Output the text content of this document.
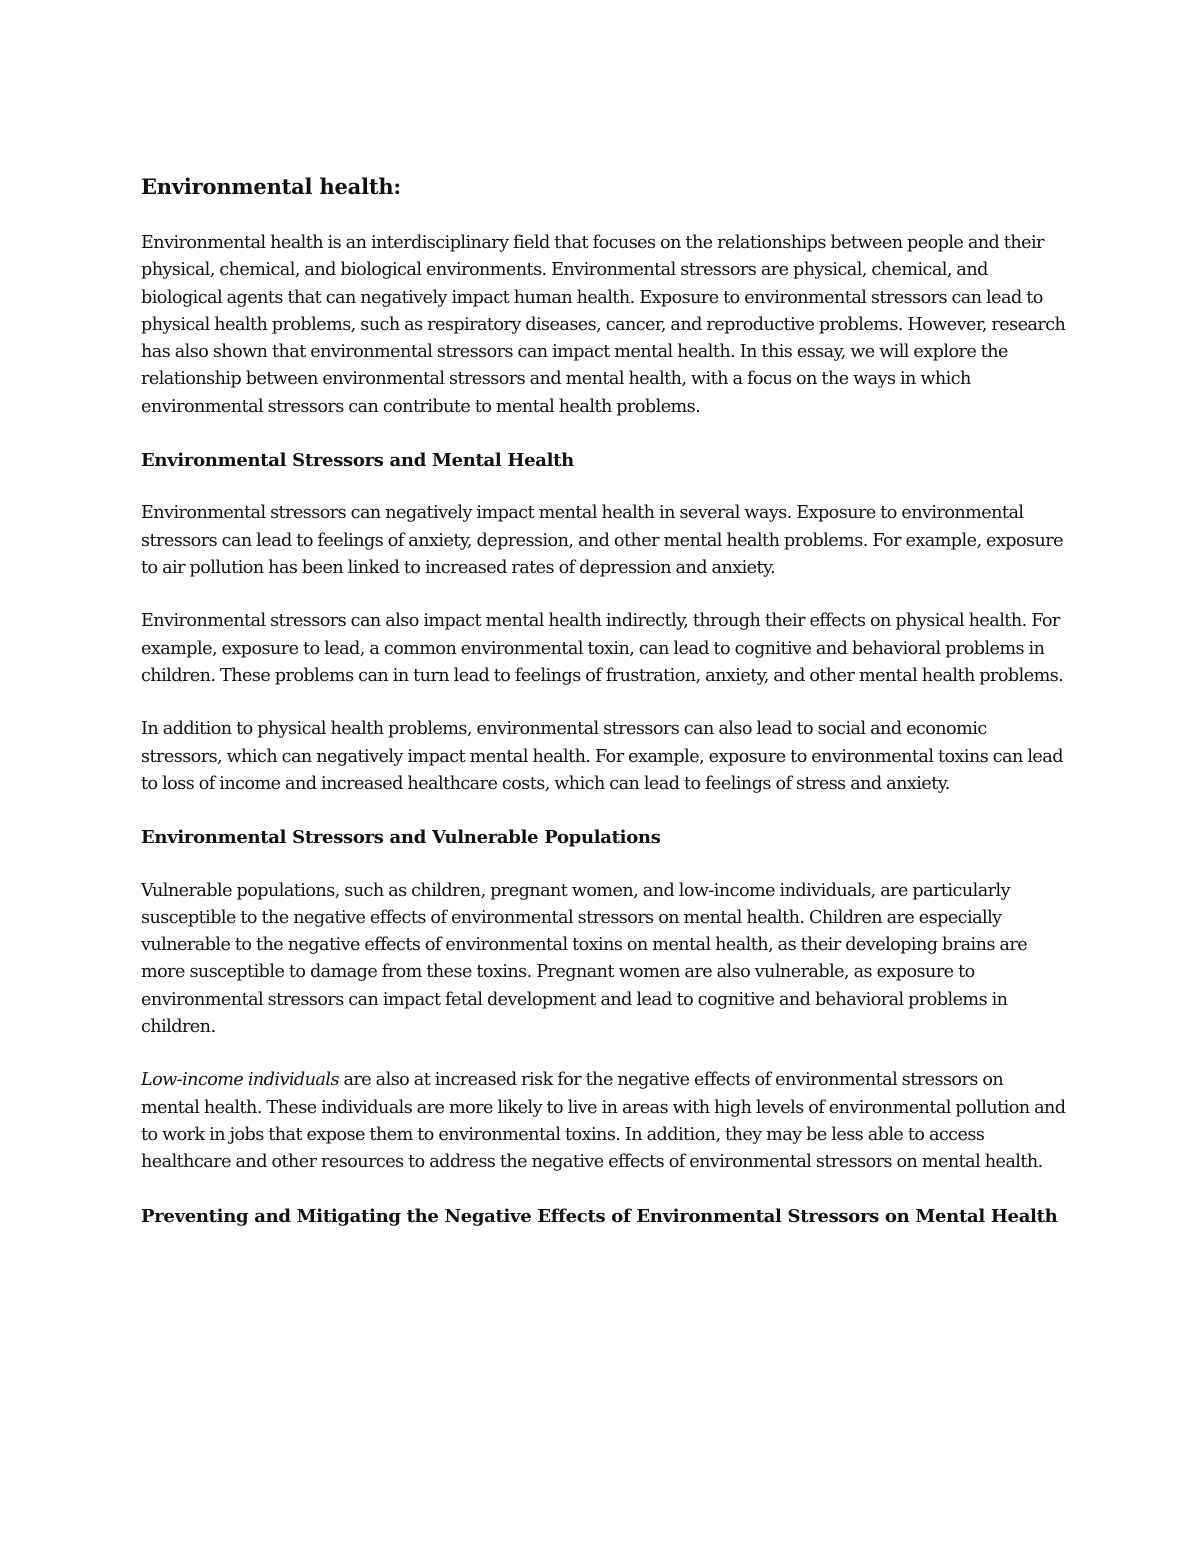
Environmental health:

Environmental health is an interdisciplinary field that focuses on the relationships between people and their physical, chemical, and biological environments. Environmental stressors are physical, chemical, and biological agents that can negatively impact human health. Exposure to environmental stressors can lead to physical health problems, such as respiratory diseases, cancer, and reproductive problems. However, research has also shown that environmental stressors can impact mental health. In this essay, we will explore the relationship between environmental stressors and mental health, with a focus on the ways in which environmental stressors can contribute to mental health problems.

Environmental Stressors and Mental Health

Environmental stressors can negatively impact mental health in several ways. Exposure to environmental stressors can lead to feelings of anxiety, depression, and other mental health problems. For example, exposure to air pollution has been linked to increased rates of depression and anxiety.

Environmental stressors can also impact mental health indirectly, through their effects on physical health. For example, exposure to lead, a common environmental toxin, can lead to cognitive and behavioral problems in children. These problems can in turn lead to feelings of frustration, anxiety, and other mental health problems.

In addition to physical health problems, environmental stressors can also lead to social and economic stressors, which can negatively impact mental health. For example, exposure to environmental toxins can lead to loss of income and increased healthcare costs, which can lead to feelings of stress and anxiety.

Environmental Stressors and Vulnerable Populations

Vulnerable populations, such as children, pregnant women, and low-income individuals, are particularly susceptible to the negative effects of environmental stressors on mental health. Children are especially vulnerable to the negative effects of environmental toxins on mental health, as their developing brains are more susceptible to damage from these toxins. Pregnant women are also vulnerable, as exposure to environmental stressors can impact fetal development and lead to cognitive and behavioral problems in children.

Low-income individuals are also at increased risk for the negative effects of environmental stressors on mental health. These individuals are more likely to live in areas with high levels of environmental pollution and to work in jobs that expose them to environmental toxins. In addition, they may be less able to access healthcare and other resources to address the negative effects of environmental stressors on mental health.

Preventing and Mitigating the Negative Effects of Environmental Stressors on Mental Health
